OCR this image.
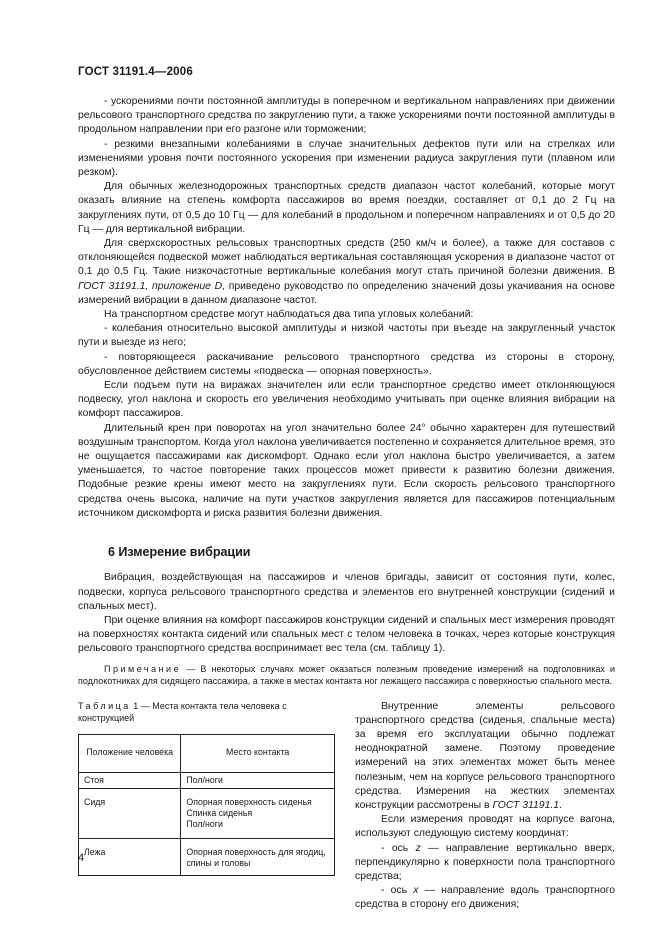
ГОСТ 31191.4—2006

- ускорениями почти постоянной амплитуды в поперечном и вертикальном направлениях при движении рельсового транспортного средства по закруглению пути, а также ускорениями почти постоянной амплитуды в продольном направлении при его разгоне или торможении;

- резкими внезапными колебаниями в случае значительных дефектов пути или на стрелках или изменениями уровня почти постоянного ускорения при изменении радиуса закругления пути (плавном или резком).

Для обычных железнодорожных транспортных средств диапазон частот колебаний, которые могут оказать влияние на степень комфорта пассажиров во время поездки, составляет от 0,1 до 2 Гц на закруглениях пути, от 0,5 до 10 Гц — для колебаний в продольном и поперечном направлениях и от 0,5 до 20 Гц — для вертикальной вибрации.

Для сверхскоростных рельсовых транспортных средств (250 км/ч и более), а также для составов с отклоняющейся подвеской может наблюдаться вертикальная составляющая ускорения в диапазоне частот от 0,1 до 0,5 Гц. Такие низкочастотные вертикальные колебания могут стать причиной болезни движения. В ГОСТ 31191.1, приложение D, приведено руководство по определению значений дозы укачивания на основе измерений вибрации в данном диапазоне частот.

На транспортном средстве могут наблюдаться два типа угловых колебаний:

- колебания относительно высокой амплитуды и низкой частоты при въезде на закругленный участок пути и выезде из него;

- повторяющееся раскачивание рельсового транспортного средства из стороны в сторону, обусловленное действием системы «подвеска — опорная поверхность».

Если подъем пути на виражах значителен или если транспортное средство имеет отклоняющуюся подвеску, угол наклона и скорость его увеличения необходимо учитывать при оценке влияния вибрации на комфорт пассажиров.

Длительный крен при поворотах на угол значительно более 24° обычно характерен для путешествий воздушным транспортом. Когда угол наклона увеличивается постепенно и сохраняется длительное время, это не ощущается пассажирами как дискомфорт. Однако если угол наклона быстро увеличивается, а затем уменьшается, то частое повторение таких процессов может привести к развитию болезни движения. Подобные резкие крены имеют место на закруглениях пути. Если скорость рельсового транспортного средства очень высока, наличие на пути участков закругления является для пассажиров потенциальным источником дискомфорта и риска развития болезни движения.

6 Измерение вибрации

Вибрация, воздействующая на пассажиров и членов бригады, зависит от состояния пути, колес, подвески, корпуса рельсового транспортного средства и элементов его внутренней конструкции (сидений и спальных мест).

При оценке влияния на комфорт пассажиров конструкции сидений и спальных мест измерения проводят на поверхностях контакта сидений или спальных мест с телом человека в точках, через которые конструкция рельсового транспортного средства воспринимает вес тела (см. таблицу 1).

Примечание — В некоторых случаях может оказаться полезным проведение измерений на подголовниках и подлокотниках для сидящего пассажира, а также в местах контакта ног лежащего пассажира с поверхностью спального места.

Таблица 1 — Места контакта тела человека с конструкцией

Положение человека	Место контакта
Стоя	Пол/ноги

Сидя	Опорная поверхность сиденья
Спинка сиденья
Пол/ноги

Лежа	Опорная поверхность для ягодиц, спины и головы

Внутренние элементы рельсового транспортного средства (сиденья, спальные места) за время его эксплуатации обычно подлежат неоднократной замене. Поэтому проведение измерений на этих элементах может быть менее полезным, чем на корпусе рельсового транспортного средства. Измерения на жестких элементах конструкции рассмотрены в ГОСТ 31191.1.

Если измерения проводят на корпусе вагона, используют следующую систему координат:

- ось z — направление вертикально вверх, перпендикулярно к поверхности пола транспортного средства;

- ось x — направление вдоль транспортного средства в сторону его движения;

4
